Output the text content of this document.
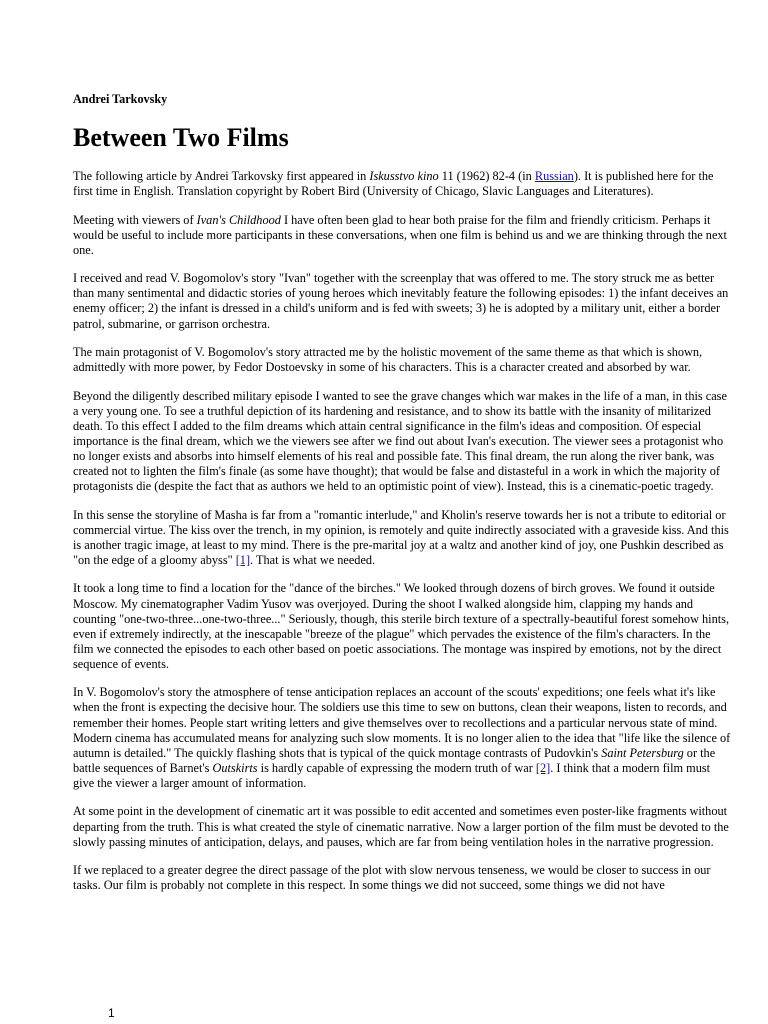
Andrei Tarkovsky
Between Two Films

The following article by Andrei Tarkovsky first appeared in Iskusstvo kino 11 (1962) 82-4 (in Russian). It is published here for the first time in English. Translation copyright by Robert Bird (University of Chicago, Slavic Languages and Literatures).

Meeting with viewers of Ivan's Childhood I have often been glad to hear both praise for the film and friendly criticism. Perhaps it would be useful to include more participants in these conversations, when one film is behind us and we are thinking through the next one.

I received and read V. Bogomolov's story "Ivan" together with the screenplay that was offered to me. The story struck me as better than many sentimental and didactic stories of young heroes which inevitably feature the following episodes: 1) the infant deceives an enemy officer; 2) the infant is dressed in a child's uniform and is fed with sweets; 3) he is adopted by a military unit, either a border patrol, submarine, or garrison orchestra.

The main protagonist of V. Bogomolov's story attracted me by the holistic movement of the same theme as that which is shown, admittedly with more power, by Fedor Dostoevsky in some of his characters. This is a character created and absorbed by war.

Beyond the diligently described military episode I wanted to see the grave changes which war makes in the life of a man, in this case a very young one. To see a truthful depiction of its hardening and resistance, and to show its battle with the insanity of militarized death. To this effect I added to the film dreams which attain central significance in the film's ideas and composition. Of especial importance is the final dream, which we the viewers see after we find out about Ivan's execution. The viewer sees a protagonist who no longer exists and absorbs into himself elements of his real and possible fate. This final dream, the run along the river bank, was created not to lighten the film's finale (as some have thought); that would be false and distasteful in a work in which the majority of protagonists die (despite the fact that as authors we held to an optimistic point of view). Instead, this is a cinematic-poetic tragedy.

In this sense the storyline of Masha is far from a "romantic interlude," and Kholin's reserve towards her is not a tribute to editorial or commercial virtue. The kiss over the trench, in my opinion, is remotely and quite indirectly associated with a graveside kiss. And this is another tragic image, at least to my mind. There is the pre-marital joy at a waltz and another kind of joy, one Pushkin described as "on the edge of a gloomy abyss" [1]. That is what we needed.

It took a long time to find a location for the "dance of the birches." We looked through dozens of birch groves. We found it outside Moscow. My cinematographer Vadim Yusov was overjoyed. During the shoot I walked alongside him, clapping my hands and counting "one-two-three...one-two-three..." Seriously, though, this sterile birch texture of a spectrally-beautiful forest somehow hints, even if extremely indirectly, at the inescapable "breeze of the plague" which pervades the existence of the film's characters. In the film we connected the episodes to each other based on poetic associations. The montage was inspired by emotions, not by the direct sequence of events.

In V. Bogomolov's story the atmosphere of tense anticipation replaces an account of the scouts' expeditions; one feels what it's like when the front is expecting the decisive hour. The soldiers use this time to sew on buttons, clean their weapons, listen to records, and remember their homes. People start writing letters and give themselves over to recollections and a particular nervous state of mind. Modern cinema has accumulated means for analyzing such slow moments. It is no longer alien to the idea that "life like the silence of autumn is detailed." The quickly flashing shots that is typical of the quick montage contrasts of Pudovkin's Saint Petersburg or the battle sequences of Barnet's Outskirts is hardly capable of expressing the modern truth of war [2]. I think that a modern film must give the viewer a larger amount of information.

At some point in the development of cinematic art it was possible to edit accented and sometimes even poster-like fragments without departing from the truth. This is what created the style of cinematic narrative. Now a larger portion of the film must be devoted to the slowly passing minutes of anticipation, delays, and pauses, which are far from being ventilation holes in the narrative progression.

If we replaced to a greater degree the direct passage of the plot with slow nervous tenseness, we would be closer to success in our tasks. Our film is probably not complete in this respect. In some things we did not succeed, some things we did not have

1
